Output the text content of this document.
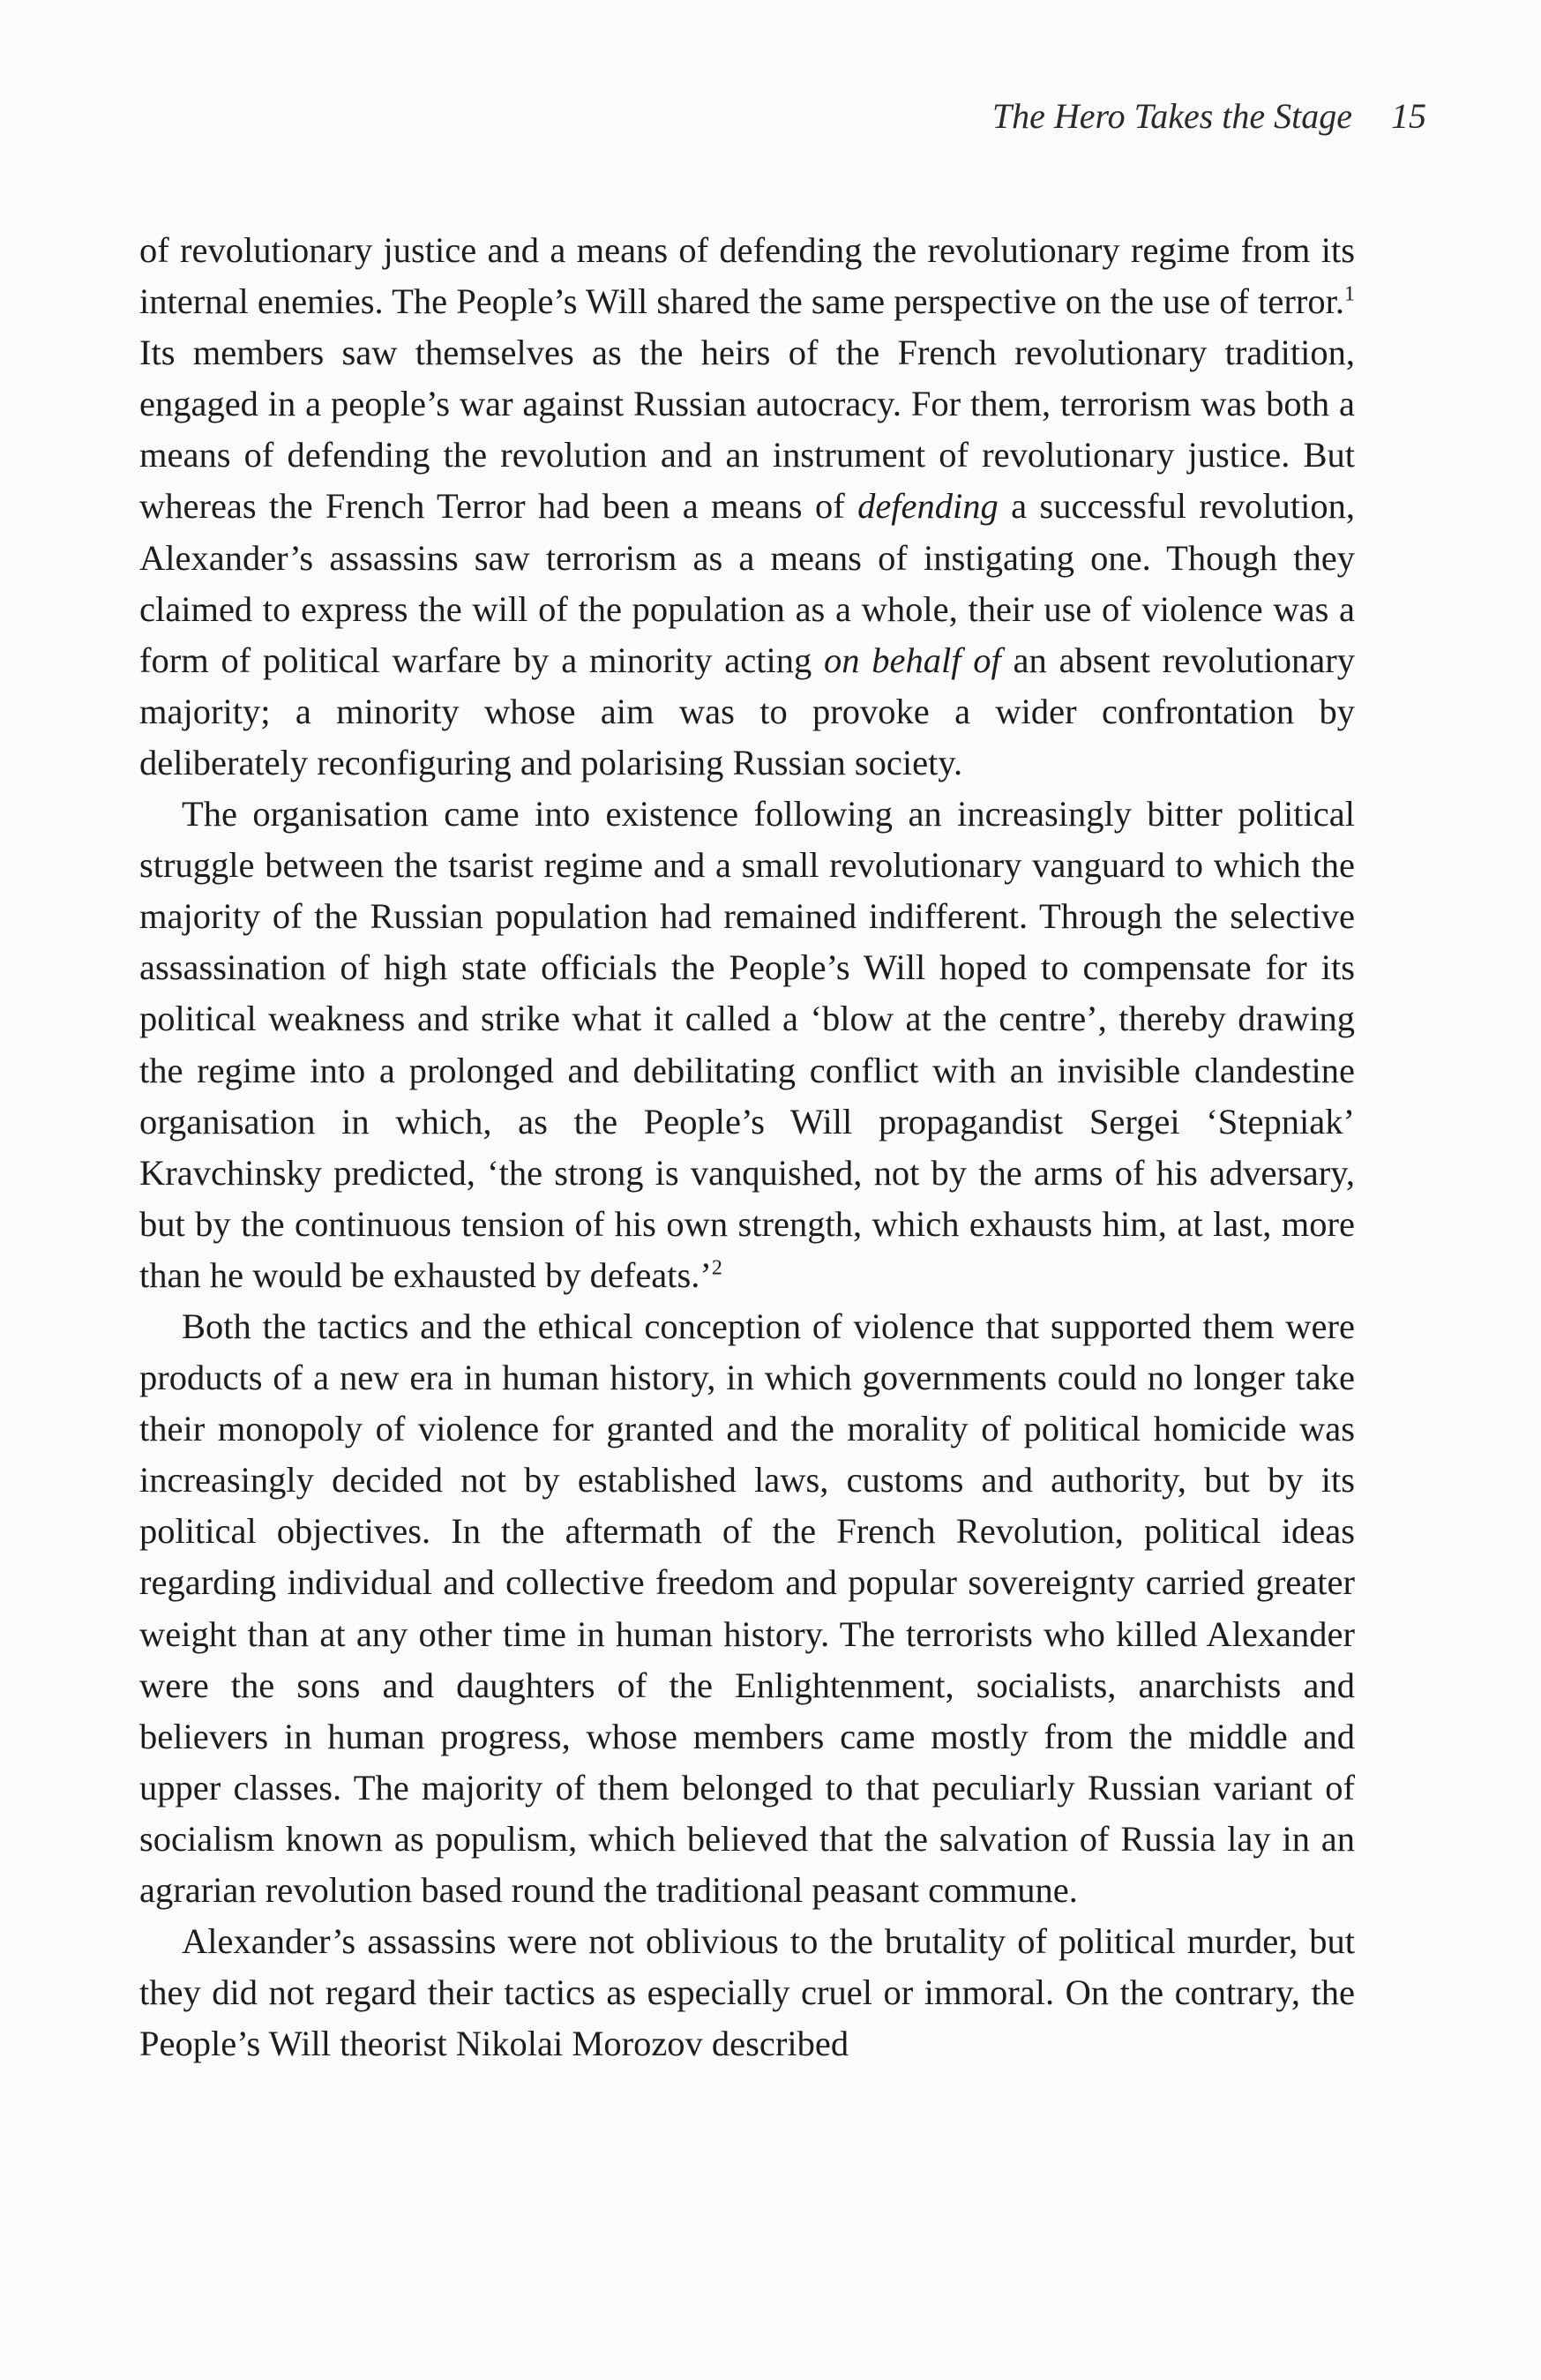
The Hero Takes the Stage 15

of revolutionary justice and a means of defending the revolutionary regime from its internal enemies. The People’s Will shared the same perspective on the use of terror.$^1$ Its members saw themselves as the heirs of the French revolutionary tradition, engaged in a people’s war against Russian autocracy. For them, terrorism was both a means of defending the revolution and an instrument of revolutionary justice. But whereas the French Terror had been a means of defending a successful revolution, Alexander’s assassins saw terrorism as a means of instigating one. Though they claimed to express the will of the population as a whole, their use of violence was a form of political warfare by a minority acting on behalf of an absent revolutionary majority; a minority whose aim was to provoke a wider confrontation by deliberately reconfiguring and polarising Russian society.

The organisation came into existence following an increasingly bitter political struggle between the tsarist regime and a small revolutionary vanguard to which the majority of the Russian population had remained indifferent. Through the selective assassination of high state officials the People’s Will hoped to compensate for its political weakness and strike what it called a ‘blow at the centre’, thereby drawing the regime into a prolonged and debilitating conflict with an invisible clandestine organisation in which, as the People’s Will propagandist Sergei ‘Stepniak’ Kravchinsky predicted, ‘the strong is vanquished, not by the arms of his adversary, but by the continuous tension of his own strength, which exhausts him, at last, more than he would be exhausted by defeats.’$^2$

Both the tactics and the ethical conception of violence that supported them were products of a new era in human history, in which governments could no longer take their monopoly of violence for granted and the morality of political homicide was increasingly decided not by established laws, customs and authority, but by its political objectives. In the aftermath of the French Revolution, political ideas regarding individual and collective freedom and popular sovereignty carried greater weight than at any other time in human history. The terrorists who killed Alexander were the sons and daughters of the Enlightenment, socialists, anarchists and believers in human progress, whose members came mostly from the middle and upper classes. The majority of them belonged to that peculiarly Russian variant of socialism known as populism, which believed that the salvation of Russia lay in an agrarian revolution based round the traditional peasant commune.

Alexander’s assassins were not oblivious to the brutality of political murder, but they did not regard their tactics as especially cruel or immoral. On the contrary, the People’s Will theorist Nikolai Morozov described
